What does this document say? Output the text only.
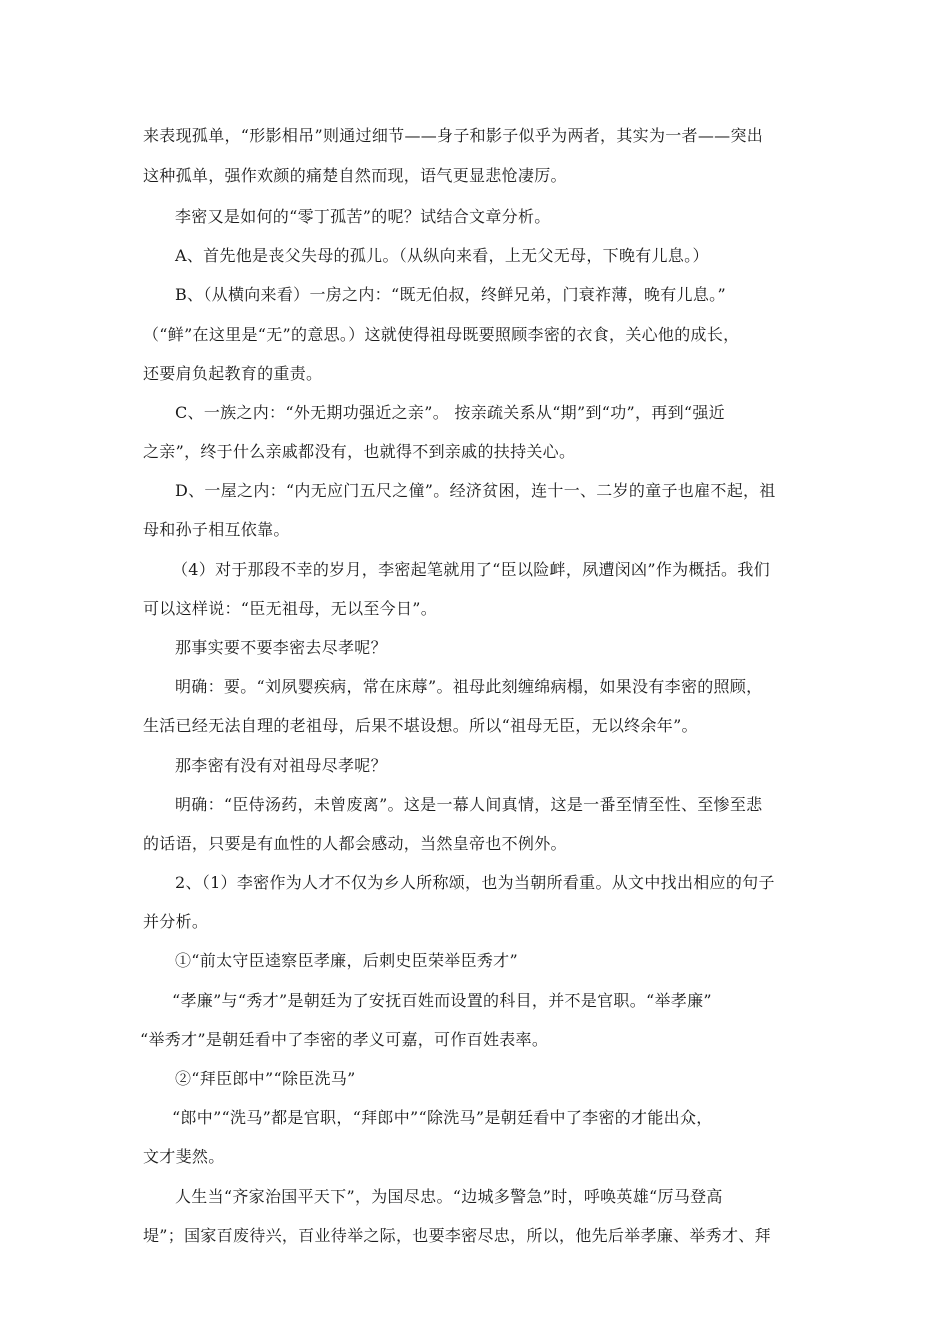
来表现孤单，“形影相吊”则通过细节——身子和影子似乎为两者，其实为一者——突出
这种孤单，强作欢颜的痛楚自然而现，语气更显悲怆凄厉。
李密又是如何的“零丁孤苦”的呢？试结合文章分析。
A、首先他是丧父失母的孤儿。（从纵向来看，上无父无母，下晚有儿息。）
B、（从横向来看）一房之内：“既无伯叔，终鲜兄弟，门衰祚薄，晚有儿息。”
（“鲜”在这里是“无”的意思。）这就使得祖母既要照顾李密的衣食，关心他的成长，
还要肩负起教育的重责。
C、一族之内：“外无期功强近之亲”。 按亲疏关系从“期”到“功”，再到“强近
之亲”，终于什么亲戚都没有，也就得不到亲戚的扶持关心。
D、一屋之内：“内无应门五尺之僮”。经济贫困，连十一、二岁的童子也雇不起，祖
母和孙子相互依靠。
（4）对于那段不幸的岁月，李密起笔就用了“臣以险衅，夙遭闵凶”作为概括。我们
可以这样说：“臣无祖母，无以至今日”。
那事实要不要李密去尽孝呢？
明确：要。“刘夙婴疾病，常在床蓐”。祖母此刻缠绵病榻，如果没有李密的照顾，
生活已经无法自理的老祖母，后果不堪设想。所以“祖母无臣，无以终余年”。
那李密有没有对祖母尽孝呢？
明确：“臣侍汤药，未曾废离”。这是一幕人间真情，这是一番至情至性、至惨至悲
的话语，只要是有血性的人都会感动，当然皇帝也不例外。
2、（1）李密作为人才不仅为乡人所称颂，也为当朝所看重。从文中找出相应的句子
并分析。
①“前太守臣逵察臣孝廉，后刺史臣荣举臣秀才”
“孝廉”与“秀才”是朝廷为了安抚百姓而设置的科目，并不是官职。“举孝廉”
“举秀才”是朝廷看中了李密的孝义可嘉，可作百姓表率。
②“拜臣郎中”“除臣洗马”
“郎中”“洗马”都是官职，“拜郎中”“除洗马”是朝廷看中了李密的才能出众，
文才斐然。
人生当“齐家治国平天下”，为国尽忠。“边城多警急”时，呼唤英雄“厉马登高
堤”；国家百废待兴，百业待举之际，也要李密尽忠，所以，他先后举孝廉、举秀才、拜
